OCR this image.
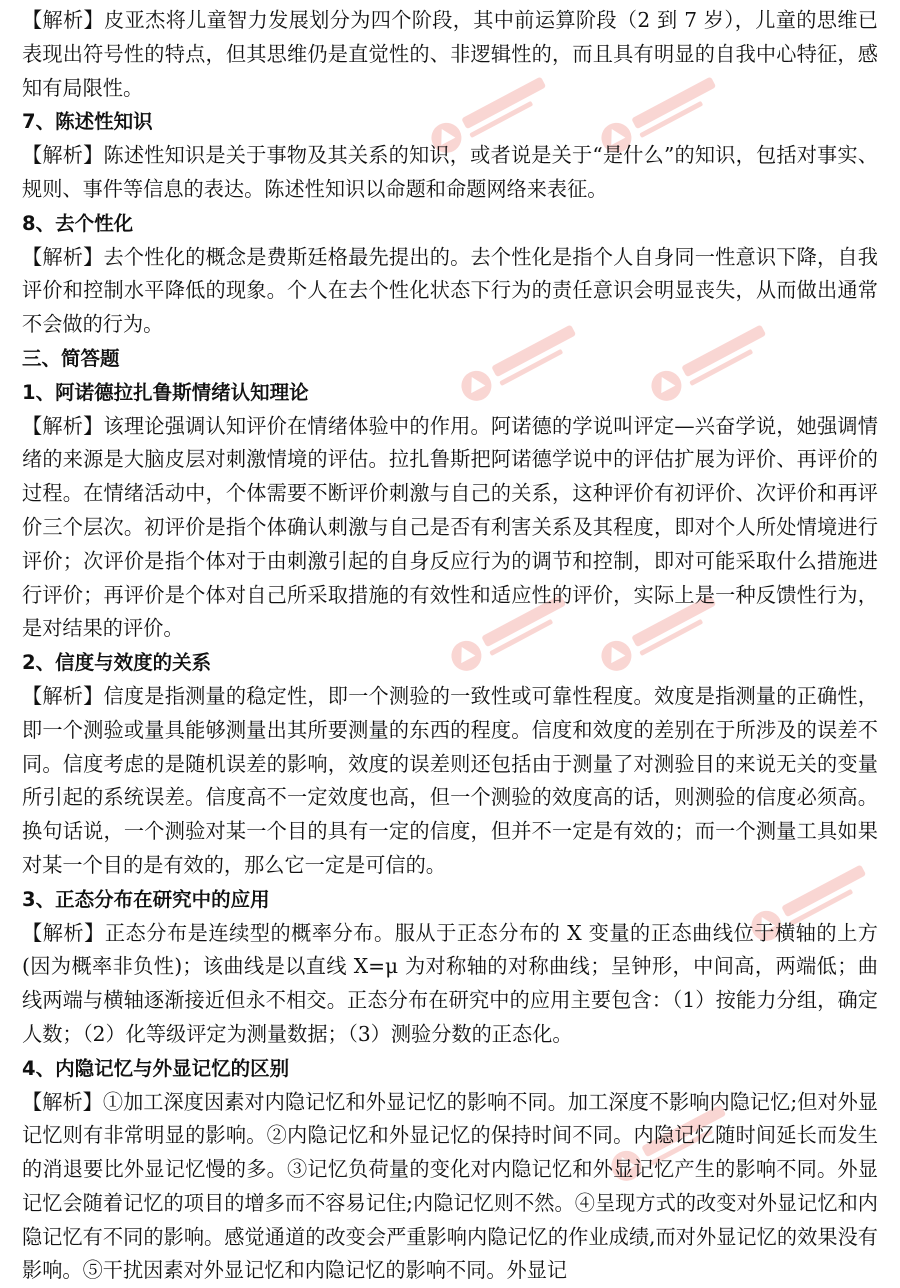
【解析】皮亚杰将儿童智力发展划分为四个阶段，其中前运算阶段（2 到 7 岁），儿童的思维已表现出符号性的特点，但其思维仍是直觉性的、非逻辑性的，而且具有明显的自我中心特征，感知有局限性。

7、陈述性知识

【解析】陈述性知识是关于事物及其关系的知识，或者说是关于“是什么”的知识，包括对事实、规则、事件等信息的表达。陈述性知识以命题和命题网络来表征。

8、去个性化

【解析】去个性化的概念是费斯廷格最先提出的。去个性化是指个人自身同一性意识下降，自我评价和控制水平降低的现象。个人在去个性化状态下行为的责任意识会明显丧失，从而做出通常不会做的行为。

三、简答题
1、阿诺德拉扎鲁斯情绪认知理论

【解析】该理论强调认知评价在情绪体验中的作用。阿诺德的学说叫评定—兴奋学说，她强调情绪的来源是大脑皮层对刺激情境的评估。拉扎鲁斯把阿诺德学说中的评估扩展为评价、再评价的过程。在情绪活动中，个体需要不断评价刺激与自己的关系，这种评价有初评价、次评价和再评价三个层次。初评价是指个体确认刺激与自己是否有利害关系及其程度，即对个人所处情境进行评价；次评价是指个体对于由刺激引起的自身反应行为的调节和控制，即对可能采取什么措施进行评价；再评价是个体对自己所采取措施的有效性和适应性的评价，实际上是一种反馈性行为，是对结果的评价。

2、信度与效度的关系

【解析】信度是指测量的稳定性，即一个测验的一致性或可靠性程度。效度是指测量的正确性， 即一个测验或量具能够测量出其所要测量的东西的程度。信度和效度的差别在于所涉及的误差不同。信度考虑的是随机误差的影响，效度的误差则还包括由于测量了对测验目的来说无关的变量所引起的系统误差。信度高不一定效度也高，但一个测验的效度高的话，则测验的信度必须高。换句话说，一个测验对某一个目的具有一定的信度，但并不一定是有效的；而一个测量工具如果对某一个目的是有效的，那么它一定是可信的。

3、正态分布在研究中的应用

【解析】正态分布是连续型的概率分布。服从于正态分布的 X 变量的正态曲线位于横轴的上方(因为概率非负性)；该曲线是以直线 X=μ 为对称轴的对称曲线；呈钟形，中间高，两端低；曲线两端与横轴逐渐接近但永不相交。正态分布在研究中的应用主要包含：（1）按能力分组，确定人数；（2）化等级评定为测量数据；（3）测验分数的正态化。

4、内隐记忆与外显记忆的区别

【解析】①加工深度因素对内隐记忆和外显记忆的影响不同。加工深度不影响内隐记忆;但对外显记忆则有非常明显的影响。②内隐记忆和外显记忆的保持时间不同。内隐记忆随时间延长而发生的消退要比外显记忆慢的多。③记忆负荷量的变化对内隐记忆和外显记忆产生的影响不同。外显记忆会随着记忆的项目的增多而不容易记住;内隐记忆则不然。④呈现方式的改变对外显记忆和内隐记忆有不同的影响。感觉通道的改变会严重影响内隐记忆的作业成绩,而对外显记忆的效果没有影响。⑤干扰因素对外显记忆和内隐记忆的影响不同。外显记
